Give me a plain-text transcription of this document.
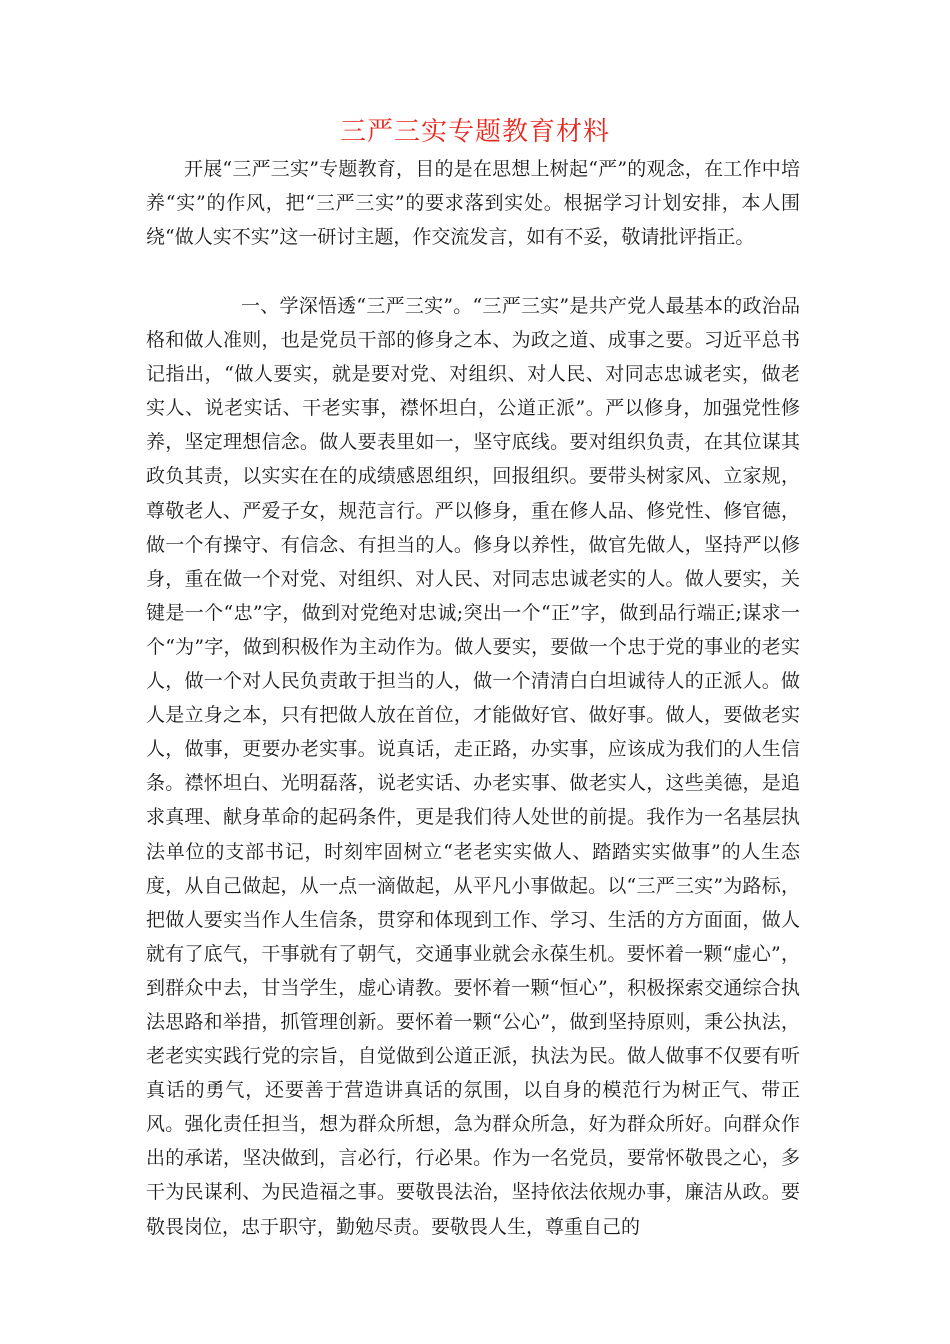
三严三实专题教育材料

开展“三严三实”专题教育，目的是在思想上树起“严”的观念，在工作中培养“实”的作风，把“三严三实”的要求落到实处。根据学习计划安排，本人围绕“做人实不实”这一研讨主题，作交流发言，如有不妥，敬请批评指正。

一、学深悟透“三严三实”。“三严三实”是共产党人最基本的政治品格和做人准则，也是党员干部的修身之本、为政之道、成事之要。习近平总书记指出，“做人要实，就是要对党、对组织、对人民、对同志忠诚老实，做老实人、说老实话、干老实事，襟怀坦白，公道正派”。严以修身，加强党性修养，坚定理想信念。做人要表里如一，坚守底线。要对组织负责，在其位谋其政负其责，以实实在在的成绩感恩组织，回报组织。要带头树家风、立家规，尊敬老人、严爱子女，规范言行。严以修身，重在修人品、修党性、修官德，做一个有操守、有信念、有担当的人。修身以养性，做官先做人，坚持严以修身，重在做一个对党、对组织、对人民、对同志忠诚老实的人。做人要实，关键是一个“忠”字，做到对党绝对忠诚;突出一个“正”字，做到品行端正;谋求一个“为”字，做到积极作为主动作为。做人要实，要做一个忠于党的事业的老实人，做一个对人民负责敢于担当的人，做一个清清白白坦诚待人的正派人。做人是立身之本，只有把做人放在首位，才能做好官、做好事。做人，要做老实人，做事，更要办老实事。说真话，走正路，办实事，应该成为我们的人生信条。襟怀坦白、光明磊落，说老实话、办老实事、做老实人，这些美德，是追求真理、献身革命的起码条件，更是我们待人处世的前提。我作为一名基层执法单位的支部书记，时刻牢固树立“老老实实做人、踏踏实实做事”的人生态度，从自己做起，从一点一滴做起，从平凡小事做起。以“三严三实”为路标，把做人要实当作人生信条，贯穿和体现到工作、学习、生活的方方面面，做人就有了底气，干事就有了朝气，交通事业就会永葆生机。要怀着一颗“虚心”，到群众中去，甘当学生，虚心请教。要怀着一颗“恒心”，积极探索交通综合执法思路和举措，抓管理创新。要怀着一颗“公心”，做到坚持原则，秉公执法，老老实实践行党的宗旨，自觉做到公道正派，执法为民。做人做事不仅要有听真话的勇气，还要善于营造讲真话的氛围，以自身的模范行为树正气、带正风。强化责任担当，想为群众所想，急为群众所急，好为群众所好。向群众作出的承诺，坚决做到，言必行，行必果。作为一名党员，要常怀敬畏之心，多干为民谋利、为民造福之事。要敬畏法治，坚持依法依规办事，廉洁从政。要敬畏岗位，忠于职守，勤勉尽责。要敬畏人生，尊重自己的
